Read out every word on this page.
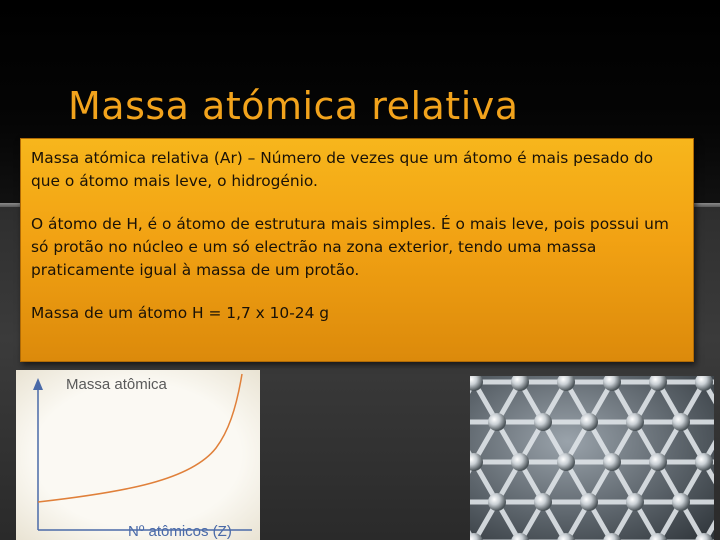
Massa atómica relativa

Massa atómica relativa (Ar) – Número de vezes que um átomo é mais pesado do que o átomo mais leve, o hidrogénio.

O átomo de H, é o átomo de estrutura mais simples. É o mais leve, pois possui um só protão no núcleo e um só electrão na zona exterior, tendo uma massa praticamente igual à massa de um protão.

Massa de um átomo H = 1,7 x 10-24 g

Massa atômica
Nº atômicos (Z)
